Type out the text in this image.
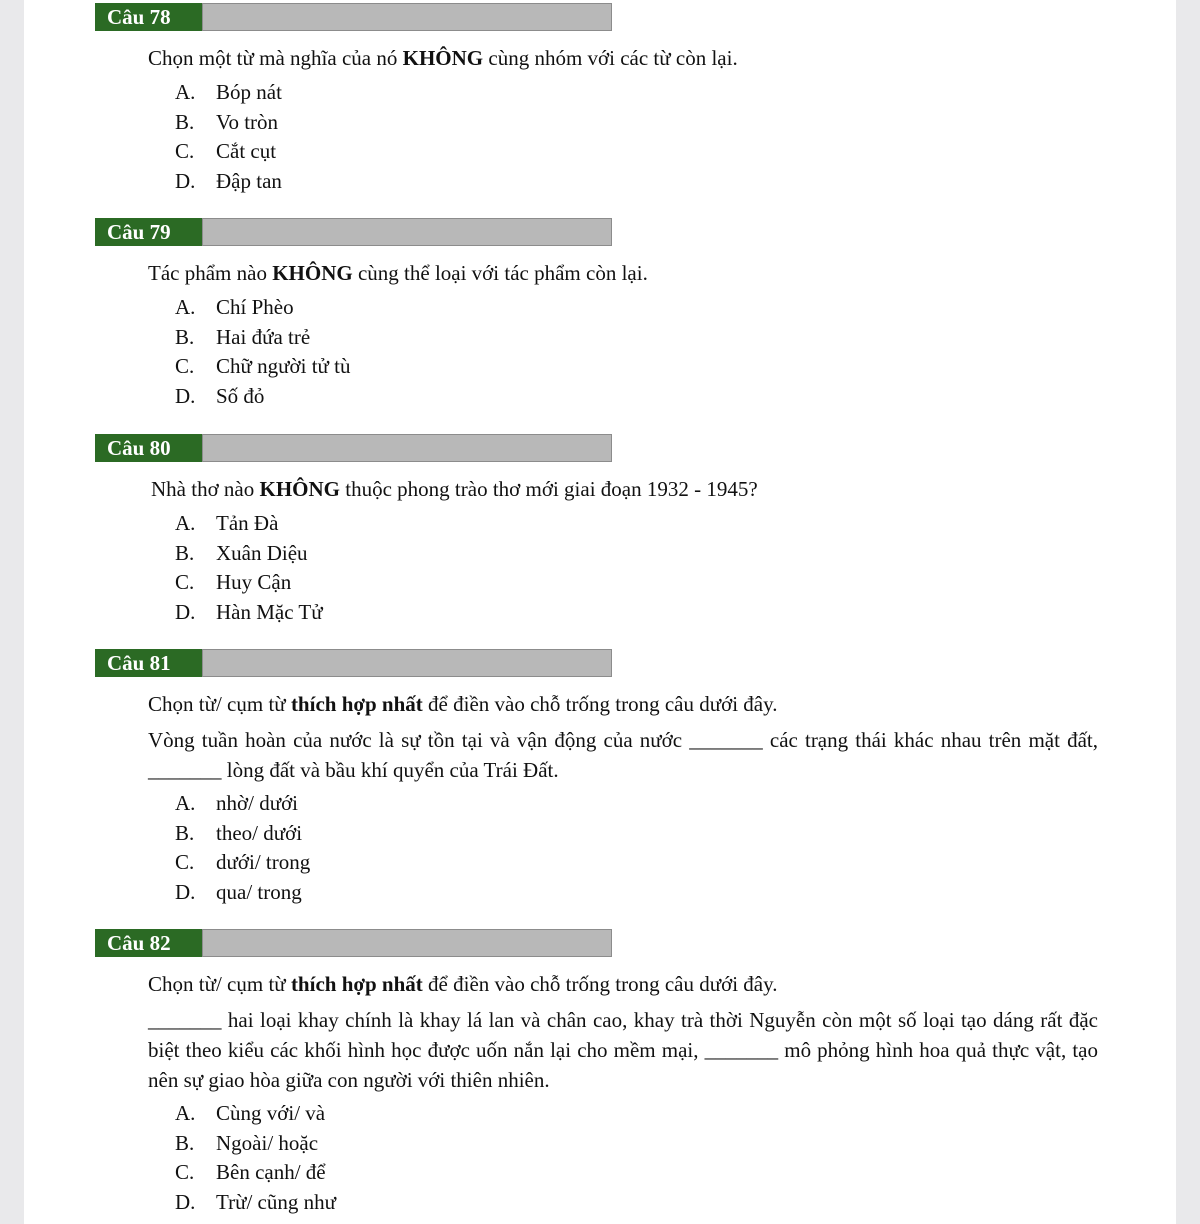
Câu 78
Chọn một từ mà nghĩa của nó KHÔNG cùng nhóm với các từ còn lại.
A. Bóp nát
B. Vo tròn
C. Cắt cụt
D. Đập tan
Câu 79
Tác phẩm nào KHÔNG cùng thể loại với tác phẩm còn lại.
A. Chí Phèo
B. Hai đứa trẻ
C. Chữ người tử tù
D. Số đỏ
Câu 80
Nhà thơ nào KHÔNG thuộc phong trào thơ mới giai đoạn 1932 - 1945?
A. Tản Đà
B. Xuân Diệu
C. Huy Cận
D. Hàn Mặc Tử
Câu 81
Chọn từ/ cụm từ thích hợp nhất để điền vào chỗ trống trong câu dưới đây.
Vòng tuần hoàn của nước là sự tồn tại và vận động của nước _______ các trạng thái khác nhau trên mặt đất, _______ lòng đất và bầu khí quyển của Trái Đất.
A. nhờ/ dưới
B. theo/ dưới
C. dưới/ trong
D. qua/ trong
Câu 82
Chọn từ/ cụm từ thích hợp nhất để điền vào chỗ trống trong câu dưới đây.
_______ hai loại khay chính là khay lá lan và chân cao, khay trà thời Nguyễn còn một số loại tạo dáng rất đặc biệt theo kiểu các khối hình học được uốn nắn lại cho mềm mại, _______ mô phỏng hình hoa quả thực vật, tạo nên sự giao hòa giữa con người với thiên nhiên.
A. Cùng với/ và
B. Ngoài/ hoặc
C. Bên cạnh/ để
D. Trừ/ cũng như
